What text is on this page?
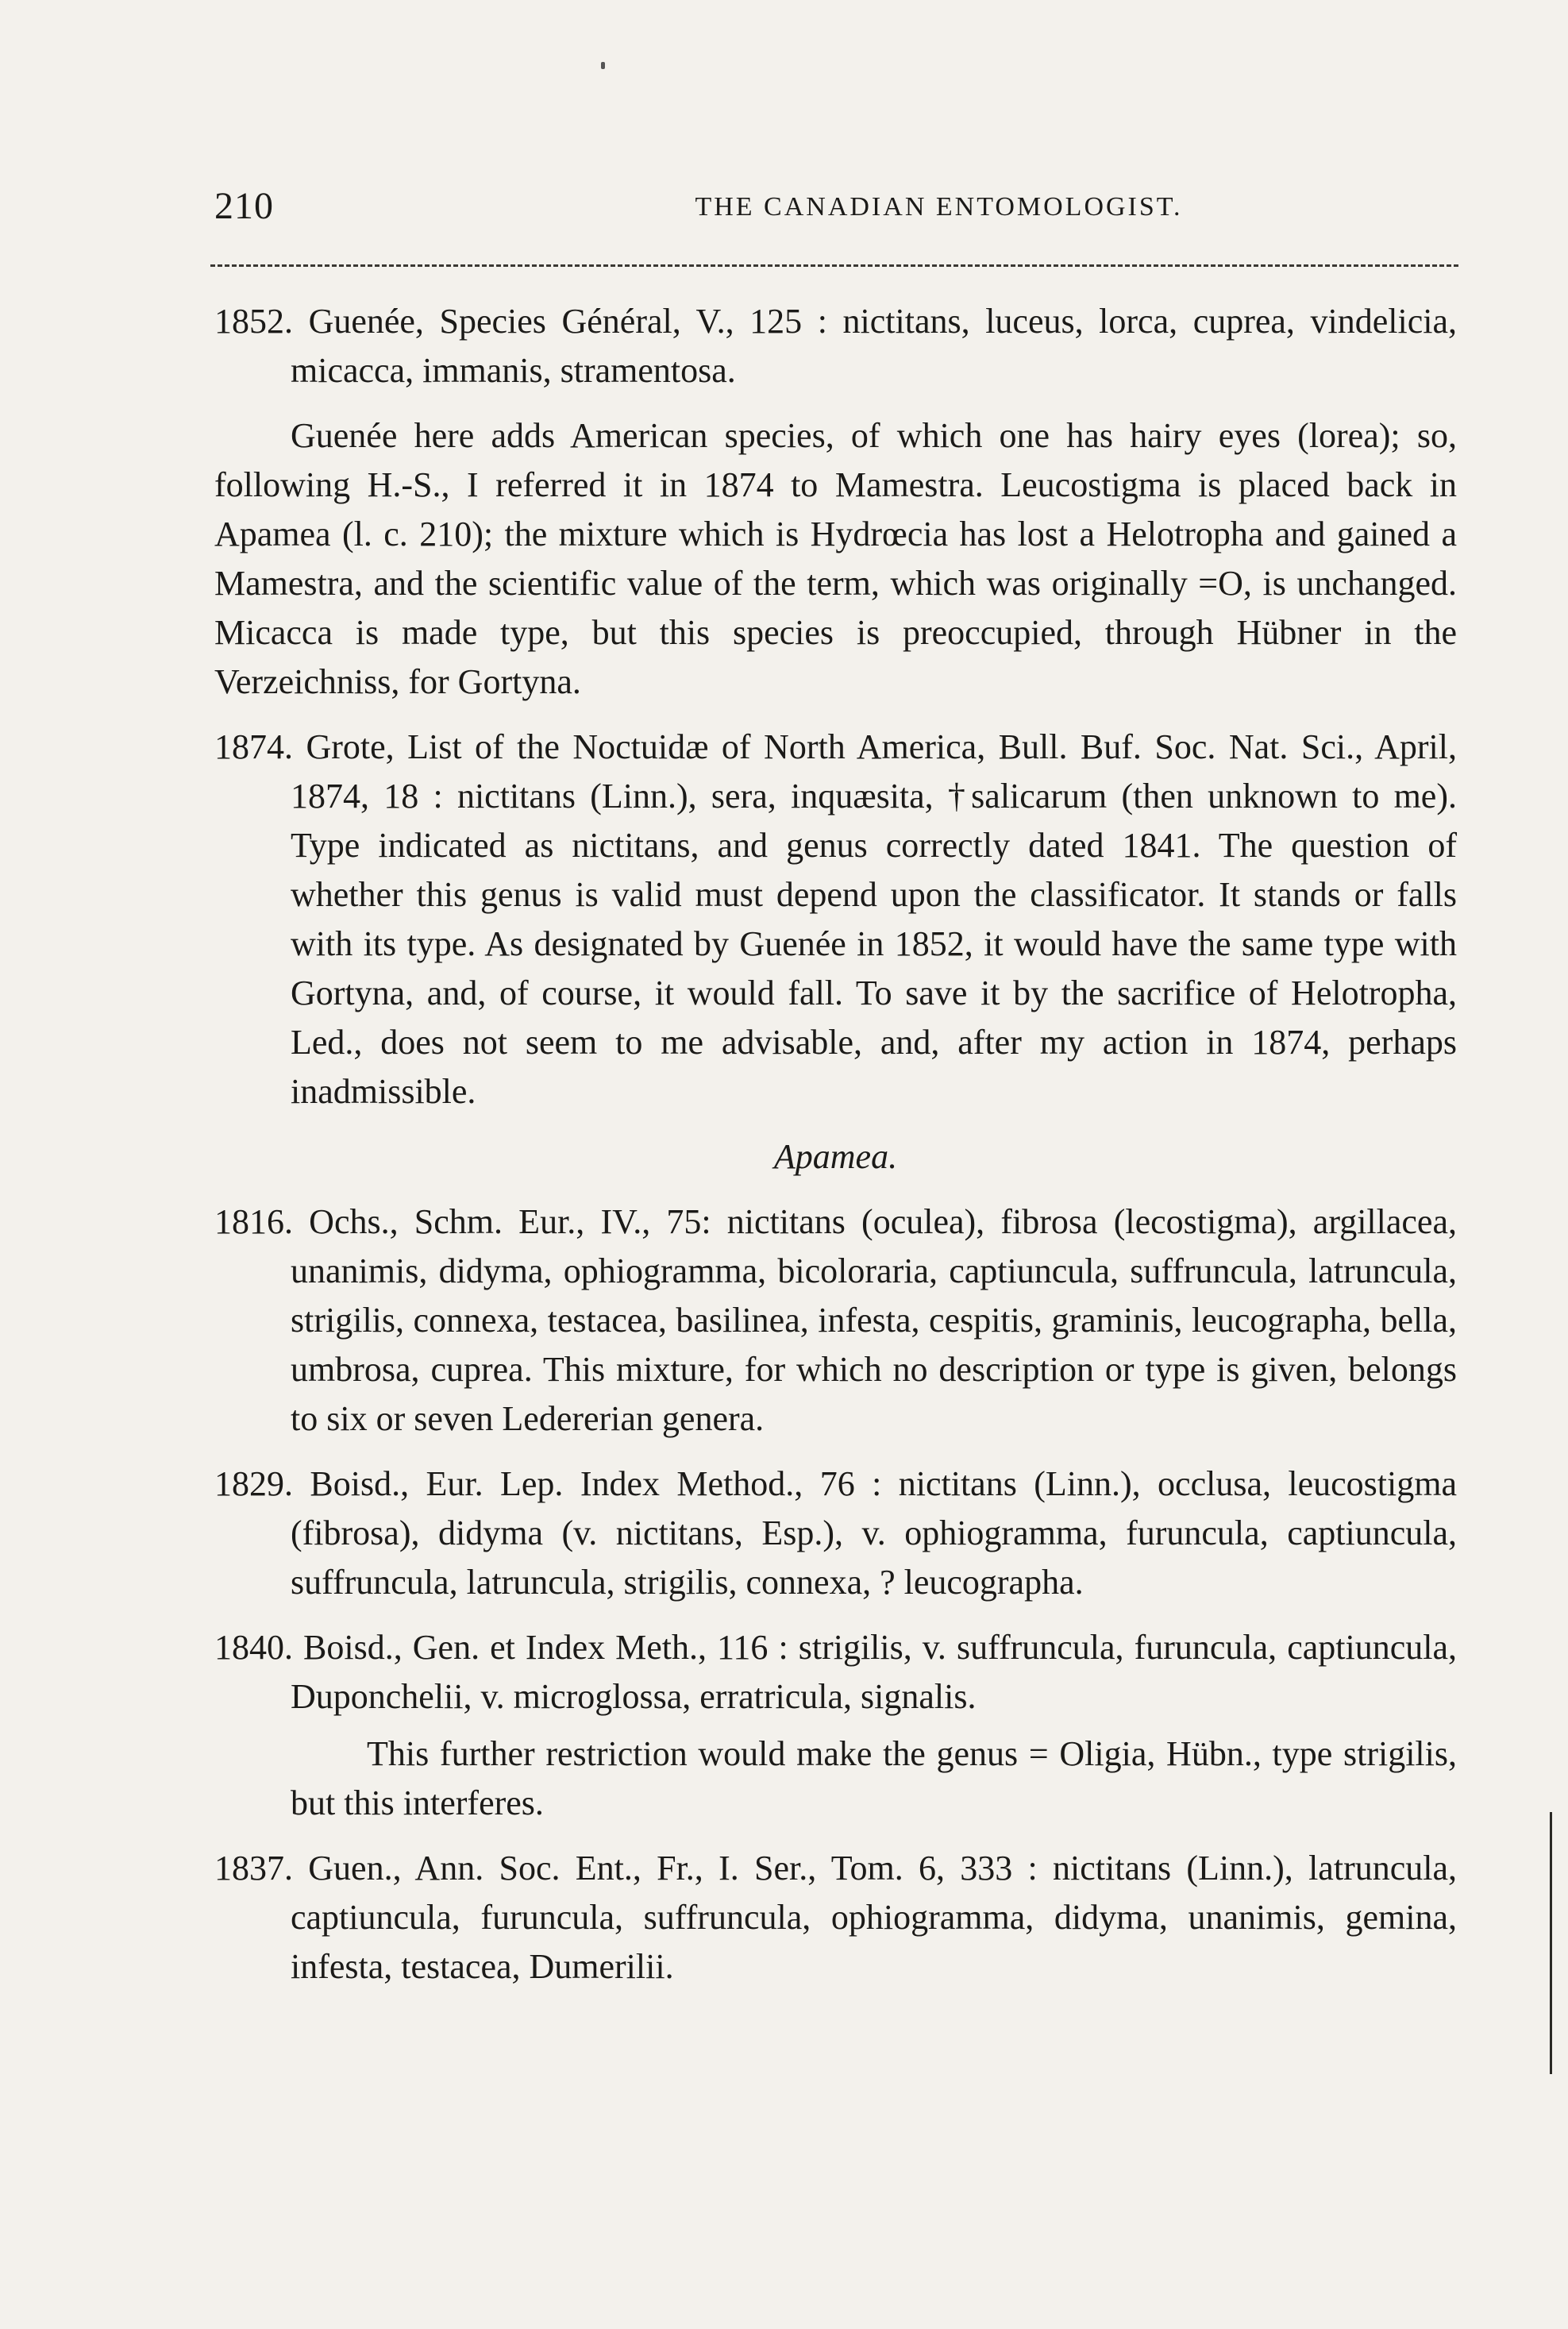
210	THE CANADIAN ENTOMOLOGIST.

1852. Guenée, Species Général, V., 125 : nictitans, luceus, lorca, cuprea, vindelicia, micacca, immanis, stramentosa.

Guenée here adds American species, of which one has hairy eyes (lorea); so, following H.-S., I referred it in 1874 to Mamestra. Leucostigma is placed back in Apamea (l. c. 210); the mixture which is Hydrœcia has lost a Helotropha and gained a Mamestra, and the scientific value of the term, which was originally =O, is unchanged. Micacca is made type, but this species is preoccupied, through Hübner in the Verzeichniss, for Gortyna.

1874. Grote, List of the Noctuidæ of North America, Bull. Buf. Soc. Nat. Sci., April, 1874, 18 : nictitans (Linn.), sera, inquæsita, †salicarum (then unknown to me). Type indicated as nictitans, and genus correctly dated 1841. The question of whether this genus is valid must depend upon the classificator. It stands or falls with its type. As designated by Guenée in 1852, it would have the same type with Gortyna, and, of course, it would fall. To save it by the sacrifice of Helotropha, Led., does not seem to me advisable, and, after my action in 1874, perhaps inadmissible.

Apamea.

1816. Ochs., Schm. Eur., IV., 75: nictitans (oculea), fibrosa (lecostigma), argillacea, unanimis, didyma, ophiogramma, bicoloraria, captiuncula, suffruncula, latruncula, strigilis, connexa, testacea, basilinea, infesta, cespitis, graminis, leucographa, bella, umbrosa, cuprea. This mixture, for which no description or type is given, belongs to six or seven Ledererian genera.

1829. Boisd., Eur. Lep. Index Method., 76 : nictitans (Linn.), occlusa, leucostigma (fibrosa), didyma (v. nictitans, Esp.), v. ophiogramma, furuncula, captiuncula, suffruncula, latruncula, strigilis, connexa, ? leucographa.

1840. Boisd., Gen. et Index Meth., 116 : strigilis, v. suffruncula, furuncula, captiuncula, Duponchelii, v. microglossa, erratricula, signalis.

This further restriction would make the genus = Oligia, Hübn., type strigilis, but this interferes.

1837. Guen., Ann. Soc. Ent., Fr., I. Ser., Tom. 6, 333 : nictitans (Linn.), latruncula, captiuncula, furuncula, suffruncula, ophiogramma, didyma, unanimis, gemina, infesta, testacea, Dumerilii.
